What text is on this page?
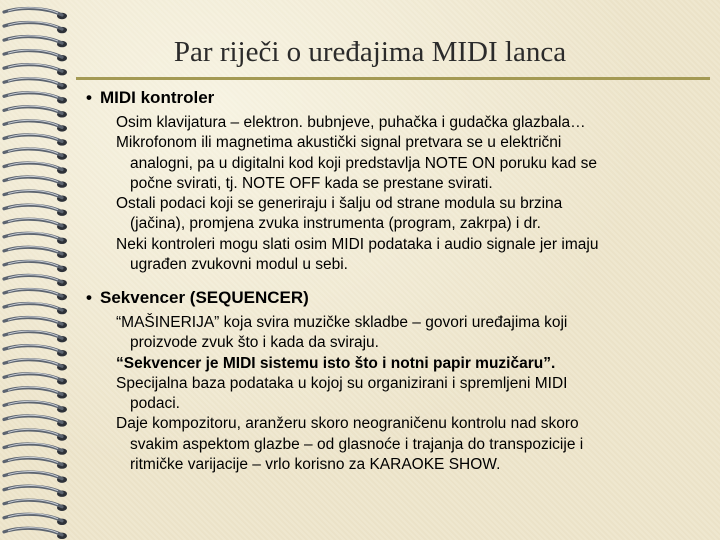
Par riječi o uređajima MIDI lanca
• MIDI kontroler
Osim klavijatura – elektron. bubnjeve, puhačka i gudačka glazbala…
Mikrofonom ili magnetima akustički signal pretvara se u električni
analogni, pa u digitalni kod koji predstavlja NOTE ON poruku kad se
počne svirati, tj. NOTE OFF kada se prestane svirati.
Ostali podaci koji se generiraju i šalju od strane modula su brzina
(jačina), promjena zvuka instrumenta (program, zakrpa) i dr.
Neki kontroleri mogu slati osim MIDI podataka i audio signale jer imaju
ugrađen zvukovni modul u sebi.
• Sekvencer (SEQUENCER)
“MAŠINERIJA” koja svira muzičke skladbe – govori uređajima koji
proizvode zvuk što i kada da sviraju.
“Sekvencer je MIDI sistemu isto što i notni papir muzičaru”.
Specijalna baza podataka u kojoj su organizirani i spremljeni MIDI
podaci.
Daje kompozitoru, aranžeru skoro neograničenu kontrolu nad skoro
svakim aspektom glazbe – od glasnoće i trajanja do transpozicije i
ritmičke varijacije – vrlo korisno za KARAOKE SHOW.
